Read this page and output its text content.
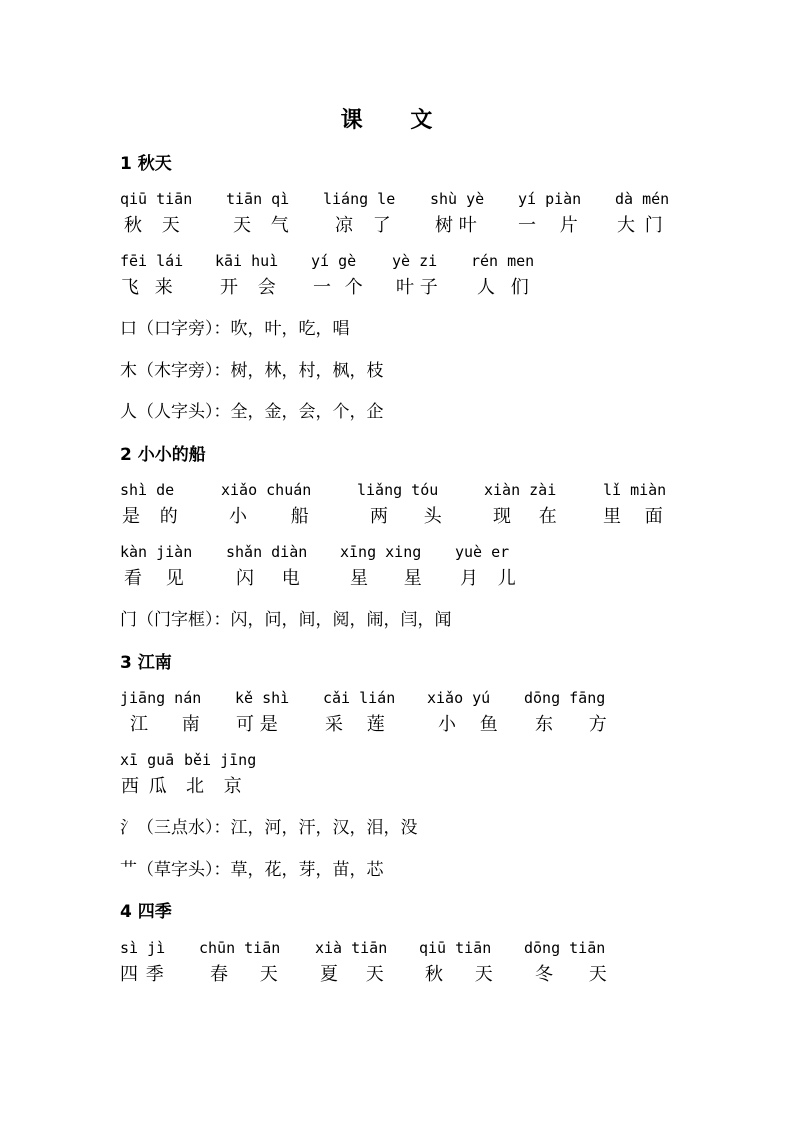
课 文
1 秋天
qiū tiān
秋 天
tiān qì
天 气
liáng le
凉 了
shù yè
树 叶
yí piàn
一 片
dà mén
大 门
fēi lái
飞 来
kāi huì
开 会
yí gè
一 个
yè zi
叶 子
rén men
人 们
口（口字旁）：吹，叶，吃，唱
木（木字旁）：树，林，村，枫，枝
人（人字头）：全，金，会，个，企
2 小小的船
shì de
是 的
xiǎo chuán
小 船
liǎng tóu
两 头
xiàn zài
现 在
lǐ miàn
里 面
kàn jiàn
看 见
shǎn diàn
闪 电
xīng xing
星 星
yuè er
月 儿
门（门字框）：闪，问，间，阅，闹，闫，闻
3 江南
jiāng nán
江 南
kě shì
可 是
cǎi lián
采 莲
xiǎo yú
小 鱼
dōng fāng
东 方
xī guā
西 瓜
běi jīng
北 京
氵（三点水）：江，河，汗，汉，泪，没
艹（草字头）：草，花，芽，苗，芯
4 四季
sì jì
四 季
chūn tiān
春 天
xià tiān
夏 天
qiū tiān
秋 天
dōng tiān
冬 天
